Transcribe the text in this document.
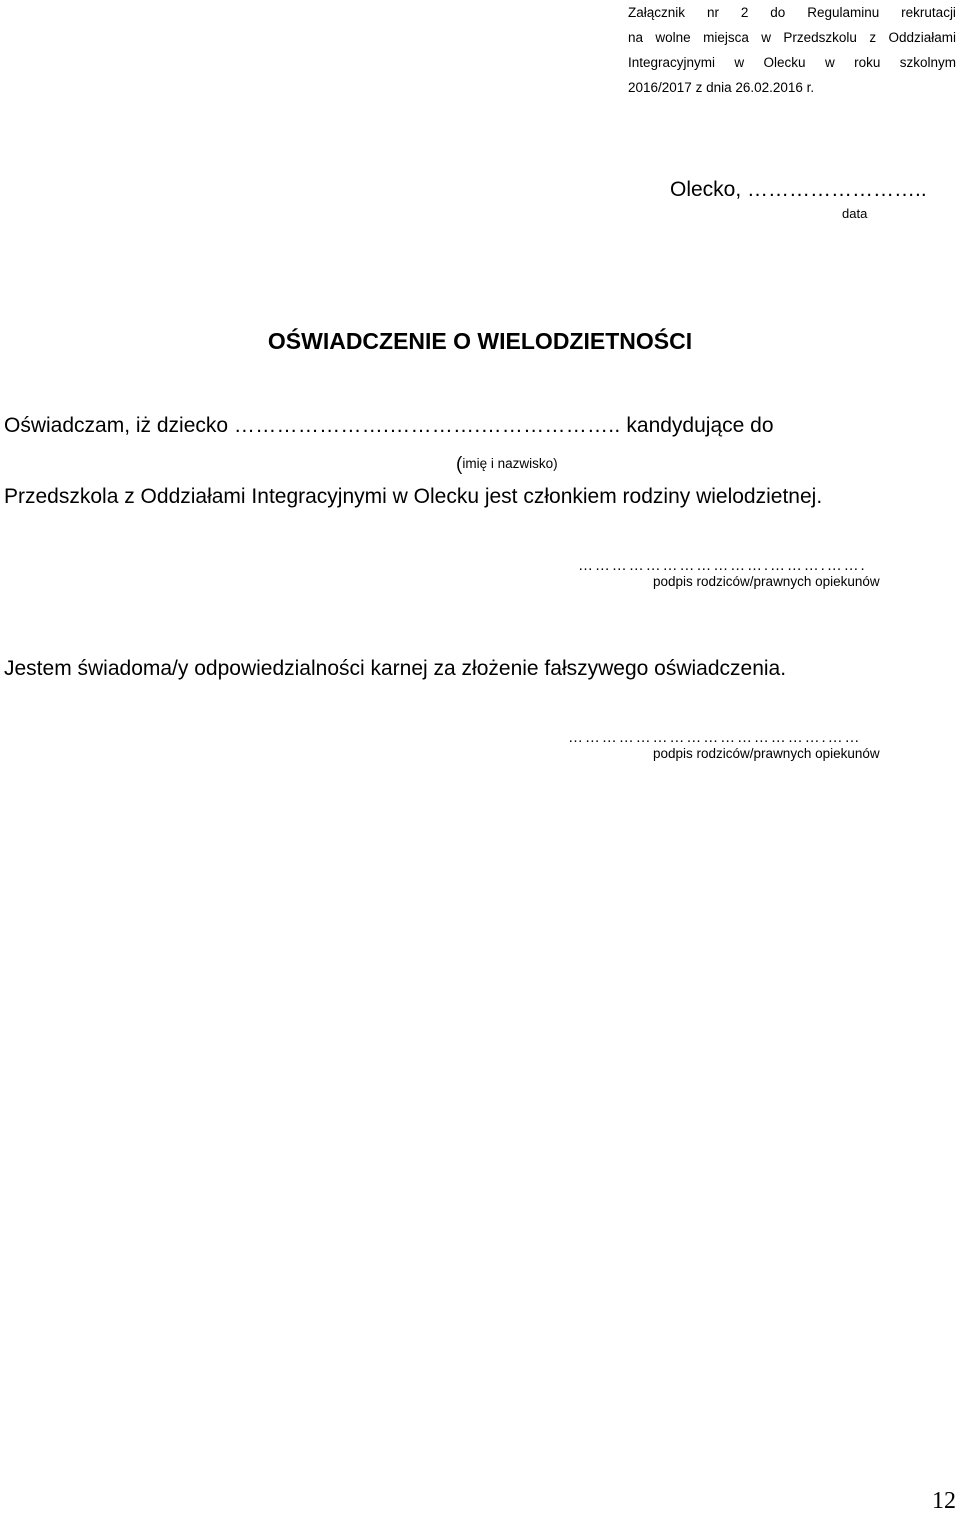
Załącznik nr 2 do Regulaminu rekrutacji
na wolne miejsca w Przedszkolu z Oddziałami
Integracyjnymi w Olecku w roku szkolnym
2016/2017 z dnia 26.02.2016 r.
Olecko, ……………………..
data
OŚWIADCZENIE O WIELODZIETNOŚCI
Oświadczam, iż dziecko ………………….………….……………….. kandydujące do
(imię i nazwisko)
Przedszkola z Oddziałami Integracyjnymi w Olecku jest członkiem rodziny wielodzietnej.
…………………………….……….…….
podpis rodziców/prawnych opiekunów
Jestem świadoma/y odpowiedzialności karnej za złożenie fałszywego oświadczenia.
……………………………………….……
podpis rodziców/prawnych opiekunów
12
